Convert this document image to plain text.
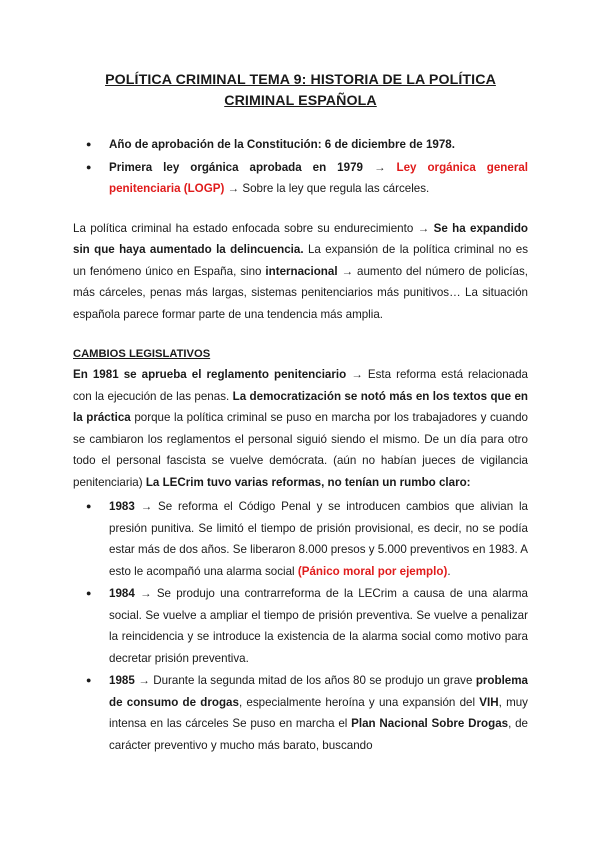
POLÍTICA CRIMINAL TEMA 9: HISTORIA DE LA POLÍTICA
CRIMINAL ESPAÑOLA
● Año de aprobación de la Constitución: 6 de diciembre de 1978.
● Primera ley orgánica aprobada en 1979 → Ley orgánica general penitenciaria (LOGP) → Sobre la ley que regula las cárceles.

La política criminal ha estado enfocada sobre su endurecimiento → Se ha expandido sin que haya aumentado la delincuencia. La expansión de la política criminal no es un fenómeno único en España, sino internacional → aumento del número de policías, más cárceles, penas más largas, sistemas penitenciarios más punitivos… La situación española parece formar parte de una tendencia más amplia.

CAMBIOS LEGISLATIVOS

En 1981 se aprueba el reglamento penitenciario → Esta reforma está relacionada con la ejecución de las penas. La democratización se notó más en los textos que en la práctica porque la política criminal se puso en marcha por los trabajadores y cuando se cambiaron los reglamentos el personal siguió siendo el mismo. De un día para otro todo el personal fascista se vuelve demócrata. (aún no habían jueces de vigilancia penitenciaria) La LECrim tuvo varias reformas, no tenían un rumbo claro:

● 1983 → Se reforma el Código Penal y se introducen cambios que alivian la presión punitiva. Se limitó el tiempo de prisión provisional, es decir, no se podía estar más de dos años. Se liberaron 8.000 presos y 5.000 preventivos en 1983. A esto le acompañó una alarma social (Pánico moral por ejemplo).
● 1984 → Se produjo una contrarreforma de la LECrim a causa de una alarma social. Se vuelve a ampliar el tiempo de prisión preventiva. Se vuelve a penalizar la reincidencia y se introduce la existencia de la alarma social como motivo para decretar prisión preventiva.
● 1985 → Durante la segunda mitad de los años 80 se produjo un grave problema de consumo de drogas, especialmente heroína y una expansión del VIH, muy intensa en las cárceles Se puso en marcha el Plan Nacional Sobre Drogas, de carácter preventivo y mucho más barato, buscando
